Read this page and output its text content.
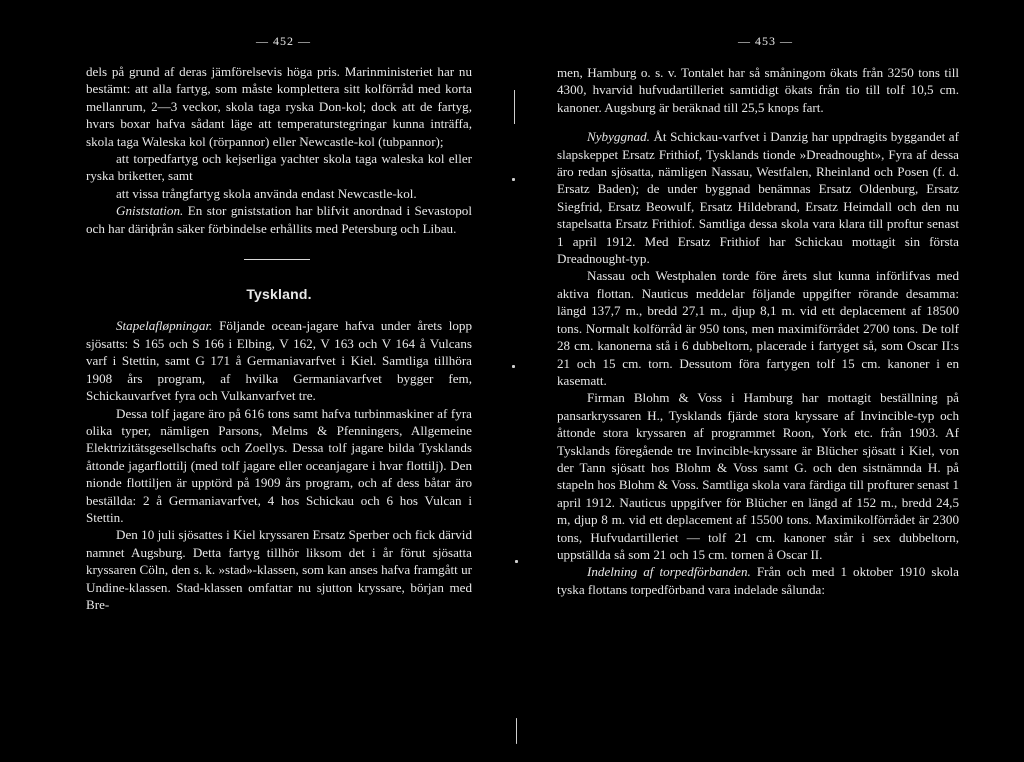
— 452 —

dels på grund af deras jämförelsevis höga pris. Marinministeriet har nu bestämt: att alla fartyg, som måste komplettera sitt kolförråd med korta mellanrum, 2—3 veckor, skola taga ryska Don-kol; dock att de fartyg, hvars boxar hafva sådant läge att temperaturstegringar kunna inträffa, skola taga Waleska kol (rörpannor) eller Newcastle-kol (tubpannor);

att torpedfartyg och kejserliga yachter skola taga waleska kol eller ryska briketter, samt

att vissa trångfartyg skola använda endast Newcastle-kol.

Gniststation. En stor gniststation har blifvit anordnad i Sevastopol och har däriфrån säker förbindelse erhållits med Petersburg och Libau.

Tyskland.

Stapelafløpningar. Följande ocean-jagare hafva under årets lopp sjösatts: S 165 och S 166 i Elbing, V 162, V 163 och V 164 å Vulcans varf i Stettin, samt G 171 å Germaniavarfvet i Kiel. Samtliga tillhöra 1908 års program, af hvilka Germaniavarfvet bygger fem, Schickauvarfvet fyra och Vulkanvarfvet tre.

Dessa tolf jagare äro på 616 tons samt hafva turbinmaskiner af fyra olika typer, nämligen Parsons, Melms & Pfenningers, Allgemeine Elektrizitätsgesellschafts och Zoellys. Dessa tolf jagare bilda Tysklands åttonde jagarflottilj (med tolf jagare eller oceanjagare i hvar flottilj). Den nionde flottiljen är upptörd på 1909 års program, och af dess båtar äro beställda: 2 å Germaniavarfvet, 4 hos Schickau och 6 hos Vulcan i Stettin.

Den 10 juli sjösattes i Kiel kryssaren Ersatz Sperber och fick därvid namnet Augsburg. Detta fartyg tillhör liksom det i år förut sjösatta kryssaren Cöln, den s. k. »stad»-klassen, som kan anses hafva framgått ur Undine-klassen. Stad-klassen omfattar nu sjutton kryssare, början med Bre-

— 453 —

men, Hamburg o. s. v. Tontalet har så småningom ökats från 3250 tons till 4300, hvarvid hufvudartilleriet samtidigt ökats från tio till tolf 10,5 cm. kanoner. Augsburg är beräknad till 25,5 knops fart.

Nybyggnad. Åt Schickau-varfvet i Danzig har uppdragits byggandet af slapskeppet Ersatz Frithiof, Tysklands tionde »Dreadnought», Fyra af dessa äro redan sjösatta, nämligen Nassau, Westfalen, Rheinland och Posen (f. d. Ersatz Baden); de under byggnad benämnas Ersatz Oldenburg, Ersatz Siegfrid, Ersatz Beowulf, Ersatz Hildebrand, Ersatz Heimdall och den nu stapelsatta Ersatz Frithiof. Samtliga dessa skola vara klara till proftur senast 1 april 1912. Med Ersatz Frithiof har Schickau mottagit sin första Dreadnought-typ.

Nassau och Westphalen torde före årets slut kunna införlifvas med aktiva flottan. Nauticus meddelar följande uppgifter rörande desamma: längd 137,7 m., bredd 27,1 m., djup 8,1 m. vid ett deplacement af 18500 tons. Normalt kolförråd är 950 tons, men maximiförrådet 2700 tons. De tolf 28 cm. kanonerna stå i 6 dubbeltorn, placerade i fartyget så, som Oscar II:s 21 och 15 cm. torn. Dessutom föra fartygen tolf 15 cm. kanoner i en kasematt.

Firman Blohm & Voss i Hamburg har mottagit beställning på pansarkryssaren H., Tysklands fjärde stora kryssare af Invincible-typ och åttonde stora kryssaren af programmet Roon, York etc. från 1903. Af Tysklands föregående tre Invincible-kryssare är Blücher sjösatt i Kiel, von der Tann sjösatt hos Blohm & Voss samt G. och den sistnämnda H. på stapeln hos Blohm & Voss. Samtliga skola vara färdiga till profturer senast 1 april 1912. Nauticus uppgifver för Blücher en längd af 152 m., bredd 24,5 m, djup 8 m. vid ett deplacement af 15500 tons. Maximikolförrådet är 2300 tons, Hufvudartilleriet — tolf 21 cm. kanoner står i sex dubbeltorn, uppställda så som 21 och 15 cm. tornen å Oscar II.

Indelning af torpedförbanden. Från och med 1 oktober 1910 skola tyska flottans torpedförband vara indelade sålunda:
